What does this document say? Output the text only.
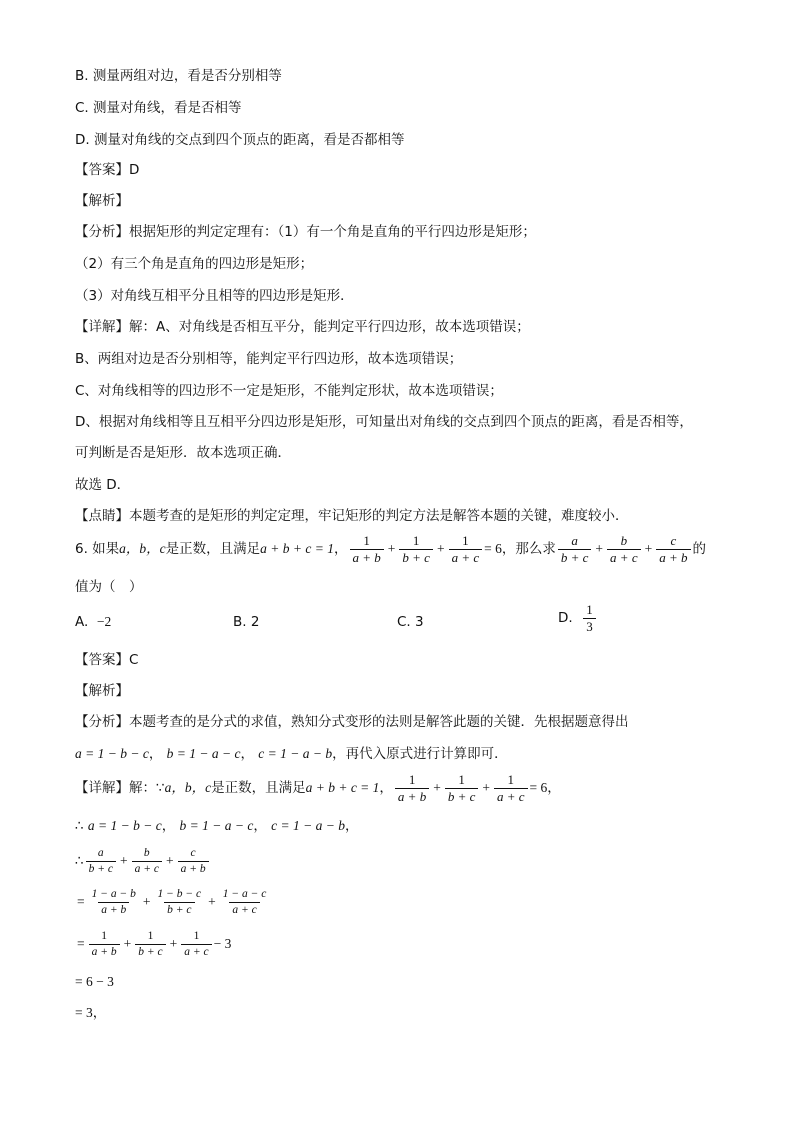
B. 测量两组对边，看是否分别相等
C. 测量对角线，看是否相等
D. 测量对角线的交点到四个顶点的距离，看是否都相等
【答案】D
【解析】
【分析】根据矩形的判定定理有：（1）有一个角是直角的平行四边形是矩形；
（2）有三个角是直角的四边形是矩形；
（3）对角线互相平分且相等的四边形是矩形．
【详解】解：A、对角线是否相互平分，能判定平行四边形，故本选项错误；
B、两组对边是否分别相等，能判定平行四边形，故本选项错误；
C、对角线相等的四边形不一定是矩形，不能判定形状，故本选项错误；
D、根据对角线相等且互相平分四边形是矩形，可知量出对角线的交点到四个顶点的距离，看是否相等，
可判断是否是矩形．故本选项正确．
故选 D．
【点睛】本题考查的是矩形的判定定理，牢记矩形的判定方法是解答本题的关键，难度较小．
6. 如果 a，b，c 是正数，且满足 a + b + c = 1 ， $\frac{1}{a + b} + \frac{1}{b + c} + \frac{1}{a + c} = 6$ ，那么求 $\frac{a}{b + c} + \frac{b}{a + c} + \frac{c}{a + b}$ 的
值为（　）
A. −2	B. 2	C. 3	D.
$\frac{1}{3}$
【答案】C
【解析】
【分析】本题考查的是分式的求值，熟知分式变形的法则是解答此题的关键．先根据题意得出
a = 1 − b − c， b = 1 − a − c， c = 1 − a − b，再代入原式进行计算即可．
【详解】解：∵ a，b，c 是正数，且满足 a + b + c = 1 ， $\frac{1}{a + b} + \frac{1}{b + c} + \frac{1}{a + c} = 6$ ，
∴ a = 1 − b − c， b = 1 − a − c， c = 1 − a − b，
∴ $\frac{a}{b + c} + \frac{b}{a + c} + \frac{c}{a + b}$
= $\frac{1 - a - b}{a + b} + \frac{1 - b - c}{b + c} + \frac{1 - a - c}{a + c}$
= $\frac{1}{a + b} + \frac{1}{b + c} + \frac{1}{a + c} - 3$
= 6 − 3
= 3，
